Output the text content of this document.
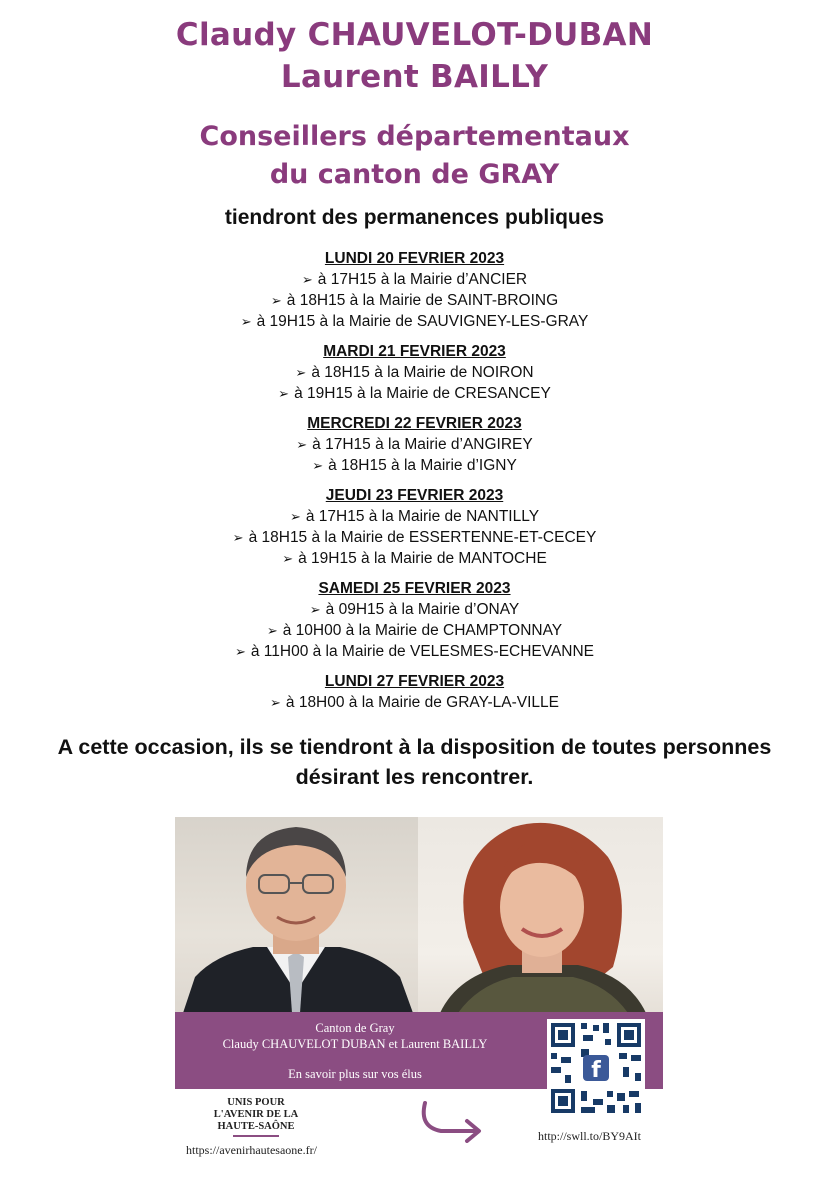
Claudy CHAUVELOT-DUBAN
Laurent BAILLY
Conseillers départementaux
du canton de GRAY
tiendront des permanences publiques
LUNDI 20 FEVRIER 2023
➢ à 17H15 à la Mairie d’ANCIER
➢ à 18H15 à la Mairie de SAINT-BROING
➢ à 19H15 à la Mairie de SAUVIGNEY-LES-GRAY
MARDI 21 FEVRIER 2023
➢ à 18H15 à la Mairie de NOIRON
➢ à 19H15 à la Mairie de CRESANCEY
MERCREDI 22 FEVRIER 2023
➢ à 17H15 à la Mairie d’ANGIREY
➢ à 18H15 à la Mairie d’IGNY
JEUDI 23 FEVRIER 2023
➢ à 17H15 à la Mairie de NANTILLY
➢ à 18H15 à la Mairie de ESSERTENNE-ET-CECEY
➢ à 19H15 à la Mairie de MANTOCHE
SAMEDI 25 FEVRIER 2023
➢ à 09H15 à la Mairie d’ONAY
➢ à 10H00 à la Mairie de CHAMPTONNAY
➢ à 11H00 à la Mairie de VELESMES-ECHEVANNE
LUNDI 27 FEVRIER 2023
➢ à 18H00 à la Mairie de GRAY-LA-VILLE
A cette occasion, ils se tiendront à la disposition de toutes personnes désirant les rencontrer.
Canton de Gray
Claudy CHAUVELOT DUBAN et Laurent BAILLY
En savoir plus sur vos élus	f
UNIS POUR
L'AVENIR DE LA
HAUTE-SAÔNE
https://avenirhautesaone.fr/
http://swll.to/BY9AIt
